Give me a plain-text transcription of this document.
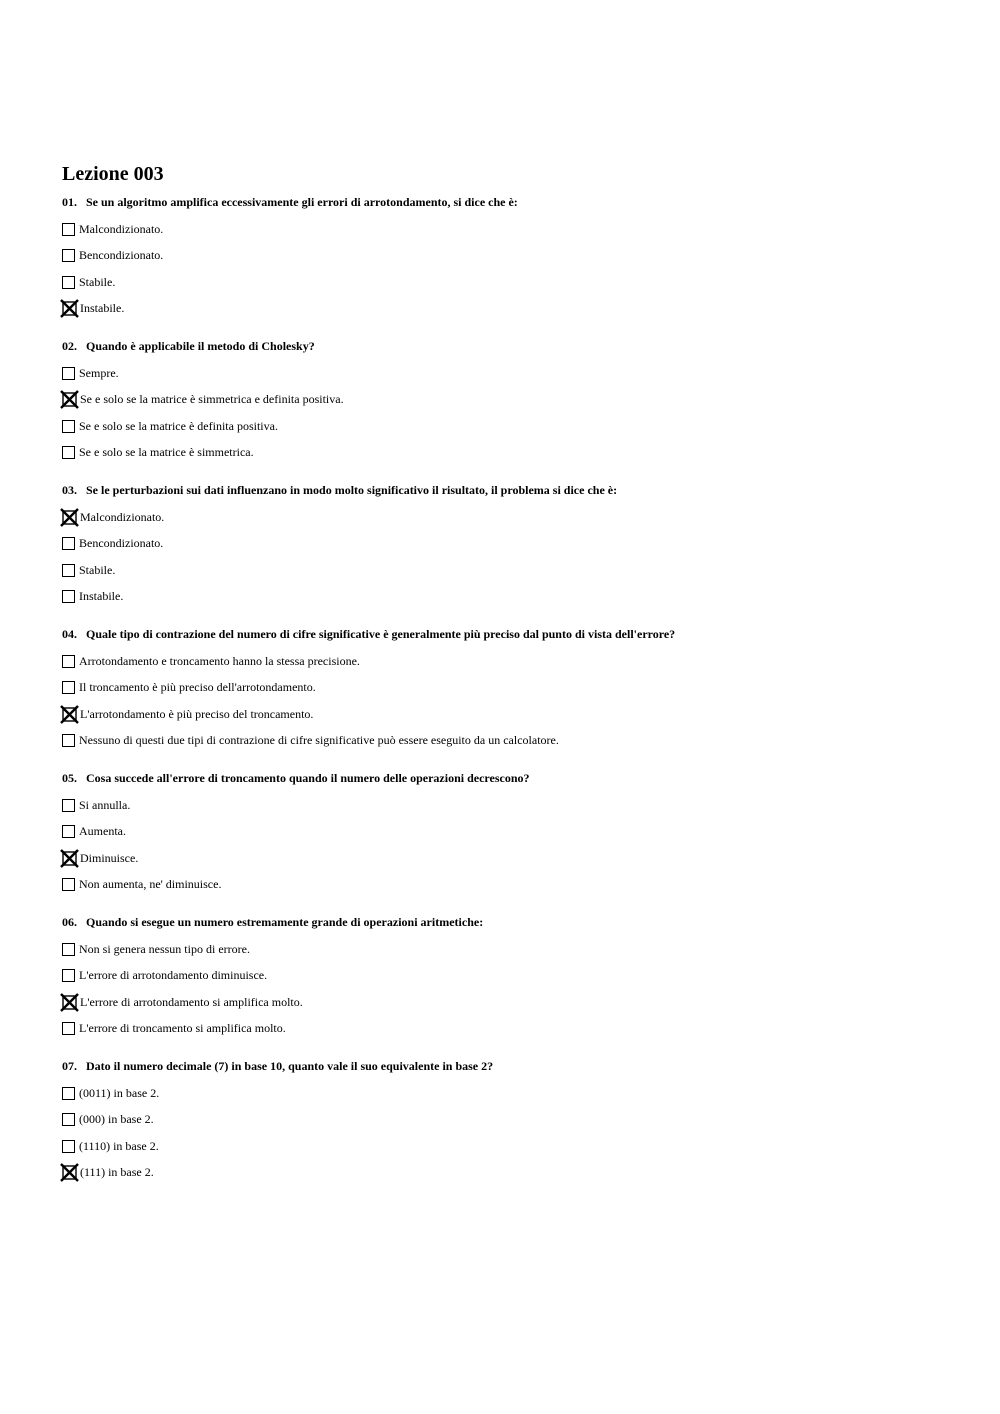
Lezione 003
01. Se un algoritmo amplifica eccessivamente gli errori di arrotondamento, si dice che è:
Malcondizionato.
Bencondizionato.
Stabile.
Instabile.
02. Quando è applicabile il metodo di Cholesky?
Sempre.
Se e solo se la matrice è simmetrica e definita positiva.
Se e solo se la matrice è definita positiva.
Se e solo se la matrice è simmetrica.
03. Se le perturbazioni sui dati influenzano in modo molto significativo il risultato, il problema si dice che è:
Malcondizionato.
Bencondizionato.
Stabile.
Instabile.
04. Quale tipo di contrazione del numero di cifre significative è generalmente più preciso dal punto di vista dell'errore?
Arrotondamento e troncamento hanno la stessa precisione.
Il troncamento è più preciso dell'arrotondamento.
L'arrotondamento è più preciso del troncamento.
Nessuno di questi due tipi di contrazione di cifre significative può essere eseguito da un calcolatore.
05. Cosa succede all'errore di troncamento quando il numero delle operazioni decrescono?
Si annulla.
Aumenta.
Diminuisce.
Non aumenta, ne' diminuisce.
06. Quando si esegue un numero estremamente grande di operazioni aritmetiche:
Non si genera nessun tipo di errore.
L'errore di arrotondamento diminuisce.
L'errore di arrotondamento si amplifica molto.
L'errore di troncamento si amplifica molto.
07. Dato il numero decimale (7) in base 10, quanto vale il suo equivalente in base 2?
(0011) in base 2.
(000) in base 2.
(1110) in base 2.
(111) in base 2.
